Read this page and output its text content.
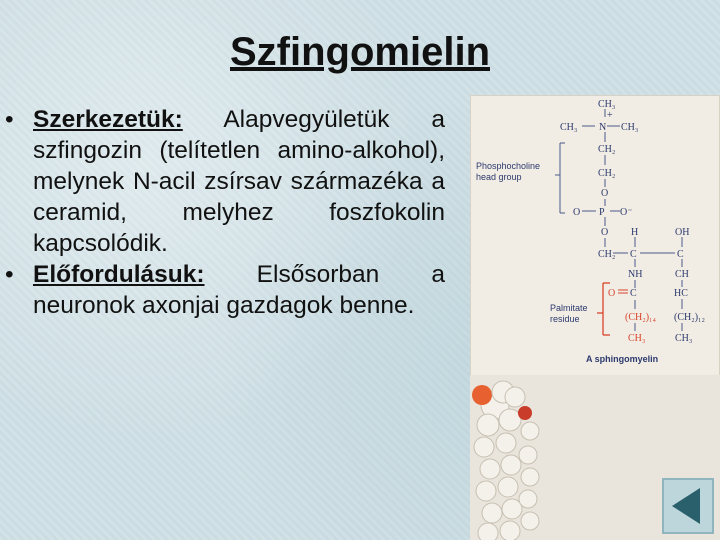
Szfingomielin
• Szerkezetük: Alapvegyületük a szfingozin (telítetlen amino-alkohol), melynek N-acil zsírsav származéka a ceramid, melyhez foszfokolin kapcsolódik.
• Előfordulásuk: Elsősorban a neuronok axonjai gazdagok benne.
CH₃
+
CH₃ N CH₃
CH₂
CH₂
O
O P O⁻
O H	OH
CH₂ C	C
NH	CH
C	HC
(CH₂)₁₂
CH₃
O
(CH₂)₁₄
CH₃
Phosphocholine
head group
Palmitate
residue
A sphingomyelin
